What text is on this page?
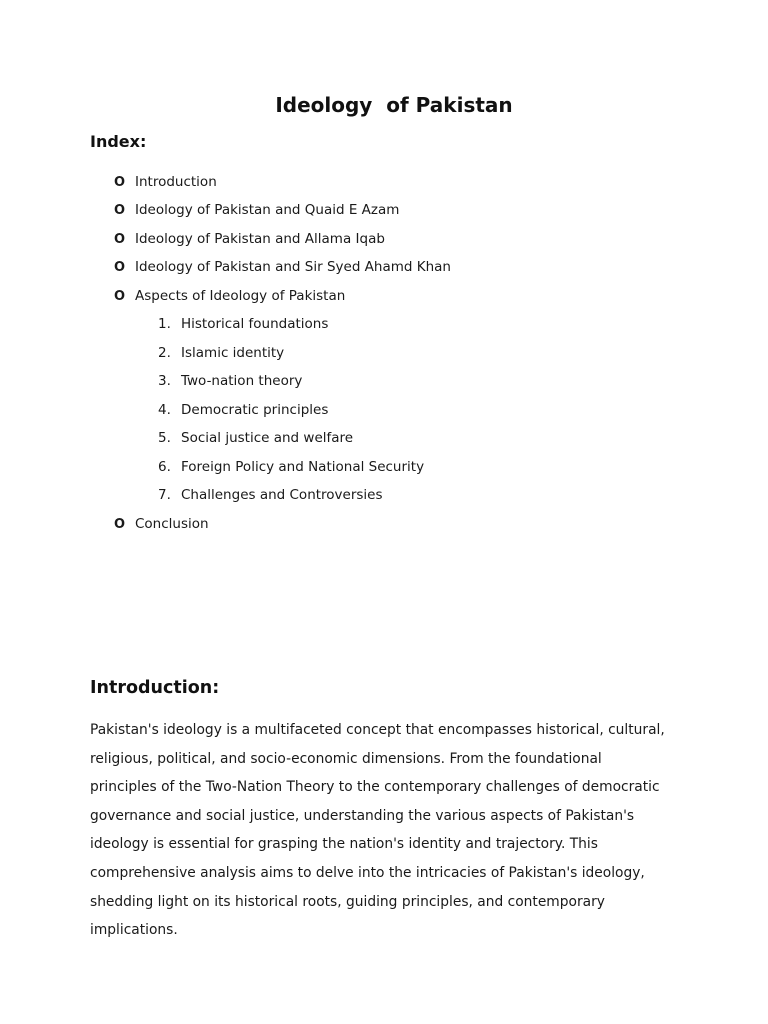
Ideology  of Pakistan
Index:
O Introduction
O Ideology of Pakistan and Quaid E Azam
O Ideology of Pakistan and Allama Iqab
O Ideology of Pakistan and Sir Syed Ahamd Khan
O Aspects of Ideology of Pakistan
1. Historical foundations
2. Islamic identity
3. Two-nation theory
4. Democratic principles
5. Social justice and welfare
6. Foreign Policy and National Security
7. Challenges and Controversies
O Conclusion
Introduction:

Pakistan's ideology is a multifaceted concept that encompasses historical, cultural, religious, political, and socio-economic dimensions. From the foundational principles of the Two-Nation Theory to the contemporary challenges of democratic governance and social justice, understanding the various aspects of Pakistan's ideology is essential for grasping the nation's identity and trajectory. This comprehensive analysis aims to delve into the intricacies of Pakistan's ideology, shedding light on its historical roots, guiding principles, and contemporary implications.
